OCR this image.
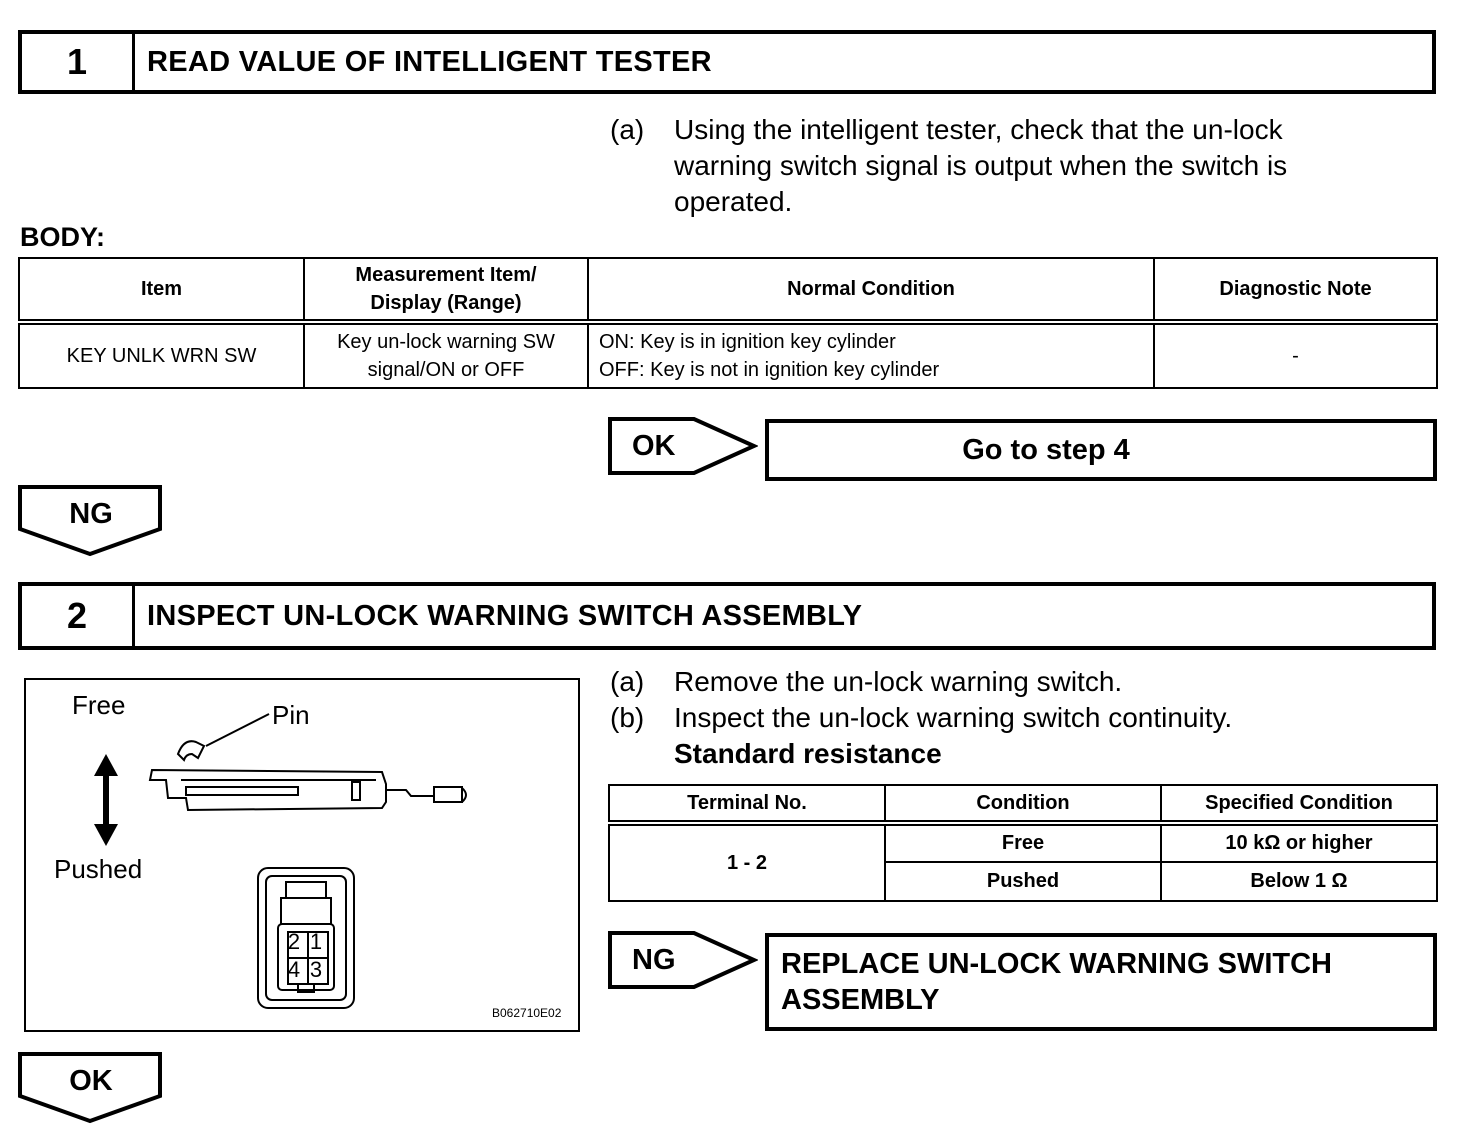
1	READ VALUE OF INTELLIGENT TESTER
(a) Using the intelligent tester, check that the un-lock
warning switch signal is output when the switch is
operated.
BODY:
Item	Measurement Item/
Display (Range)	Normal Condition	Diagnostic Note
KEY UNLK WRN SW	Key un-lock warning SW
signal/ON or OFF	ON: Key is in ignition key cylinder
OFF: Key is not in ignition key cylinder	-
OK	Go to step 4
NG
2	INSPECT UN-LOCK WARNING SWITCH ASSEMBLY
Free	Pin
Pushed
2 1
4 3
B062710E02
(a) Remove the un-lock warning switch.
(b) Inspect the un-lock warning switch continuity.
Standard resistance
Terminal No.	Condition	Specified Condition
1 - 2	Free	10 kΩ or higher
	Pushed	Below 1 Ω
NG	REPLACE UN-LOCK WARNING SWITCH
ASSEMBLY
OK
